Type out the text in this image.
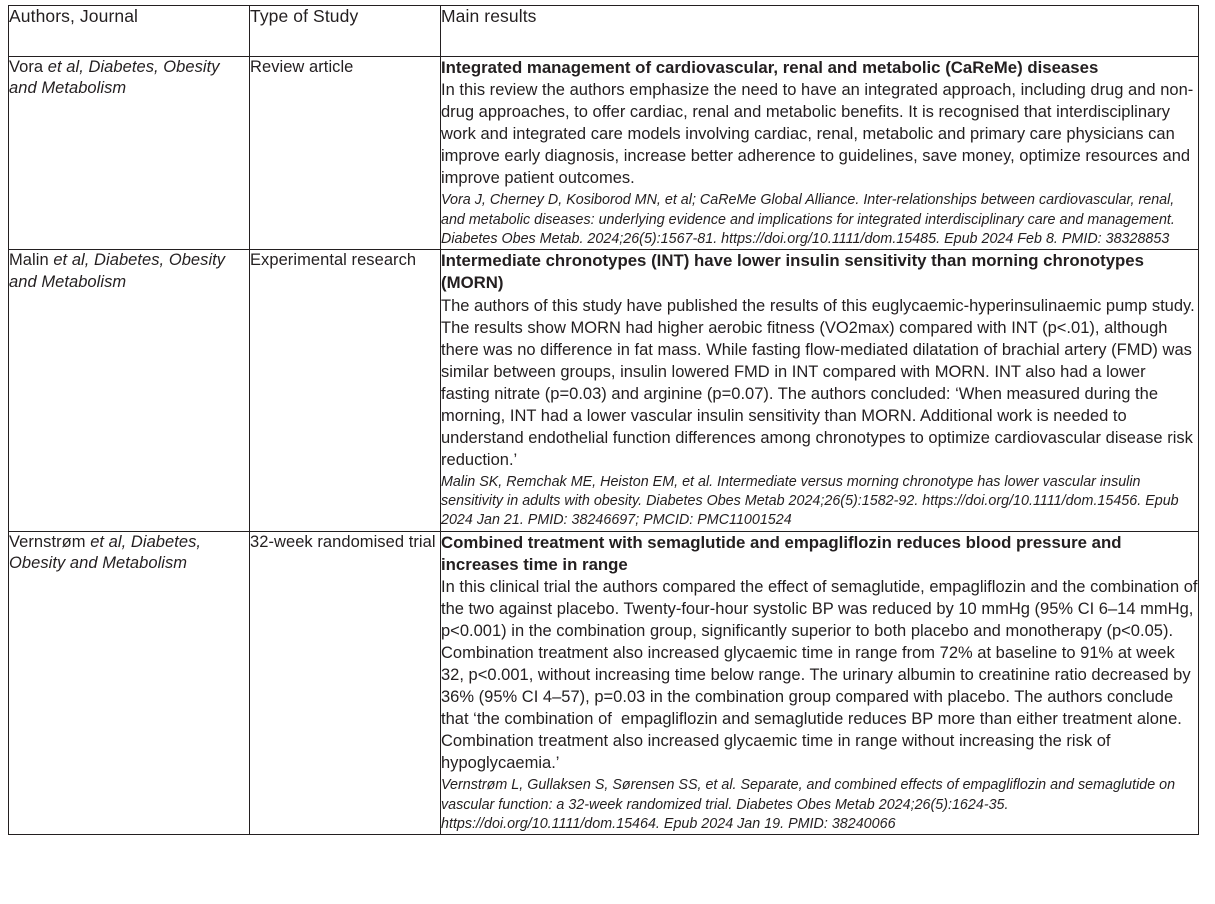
Authors, Journal	Type of Study	Main results
Vora et al, Diabetes, Obesity and Metabolism	Review article	Integrated management of cardiovascular, renal and metabolic (CaReMe) diseases
In this review the authors emphasize the need to have an integrated approach, including drug and non-drug approaches, to offer cardiac, renal and metabolic benefits. It is recognised that interdisciplinary work and integrated care models involving cardiac, renal, metabolic and primary care physicians can improve early diagnosis, increase better adherence to guidelines, save money, optimize resources and improve patient outcomes.
Vora J, Cherney D, Kosiborod MN, et al; CaReMe Global Alliance. Inter-relationships between cardiovascular, renal, and metabolic diseases: underlying evidence and implications for integrated interdisciplinary care and management. Diabetes Obes Metab. 2024;26(5):1567-81. https://doi.org/10.1111/dom.15485. Epub 2024 Feb 8. PMID: 38328853

Malin et al, Diabetes, Obesity and Metabolism	Experimental research	Intermediate chronotypes (INT) have lower insulin sensitivity than morning chronotypes (MORN)
The authors of this study have published the results of this euglycaemic-hyperinsulinaemic pump study. The results show MORN had higher aerobic fitness (VO2max) compared with INT (p<.01), although there was no difference in fat mass. While fasting flow-mediated dilatation of brachial artery (FMD) was similar between groups, insulin lowered FMD in INT compared with MORN. INT also had a lower fasting nitrate (p=0.03) and arginine (p=0.07). The authors concluded: ‘When measured during the morning, INT had a lower vascular insulin sensitivity than MORN. Additional work is needed to understand endothelial function differences among chronotypes to optimize cardiovascular disease risk reduction.’
Malin SK, Remchak ME, Heiston EM, et al. Intermediate versus morning chronotype has lower vascular insulin sensitivity in adults with obesity. Diabetes Obes Metab 2024;26(5):1582-92. https://doi.org/10.1111/dom.15456. Epub 2024 Jan 21. PMID: 38246697; PMCID: PMC11001524

Vernstrøm et al, Diabetes, Obesity and Metabolism	32-week randomised trial	Combined treatment with semaglutide and empagliflozin reduces blood pressure and increases time in range
In this clinical trial the authors compared the effect of semaglutide, empagliflozin and the combination of the two against placebo. Twenty-four-hour systolic BP was reduced by 10 mmHg (95% CI 6–14 mmHg, p<0.001) in the combination group, significantly superior to both placebo and monotherapy (p<0.05). Combination treatment also increased glycaemic time in range from 72% at baseline to 91% at week 32, p<0.001, without increasing time below range. The urinary albumin to creatinine ratio decreased by 36% (95% CI 4–57), p=0.03 in the combination group compared with placebo. The authors conclude that ‘the combination of  empagliflozin and semaglutide reduces BP more than either treatment alone. Combination treatment also increased glycaemic time in range without increasing the risk of hypoglycaemia.’
Vernstrøm L, Gullaksen S, Sørensen SS, et al. Separate, and combined effects of empagliflozin and semaglutide on vascular function: a 32-week randomized trial. Diabetes Obes Metab 2024;26(5):1624-35. https://doi.org/10.1111/dom.15464. Epub 2024 Jan 19. PMID: 38240066
